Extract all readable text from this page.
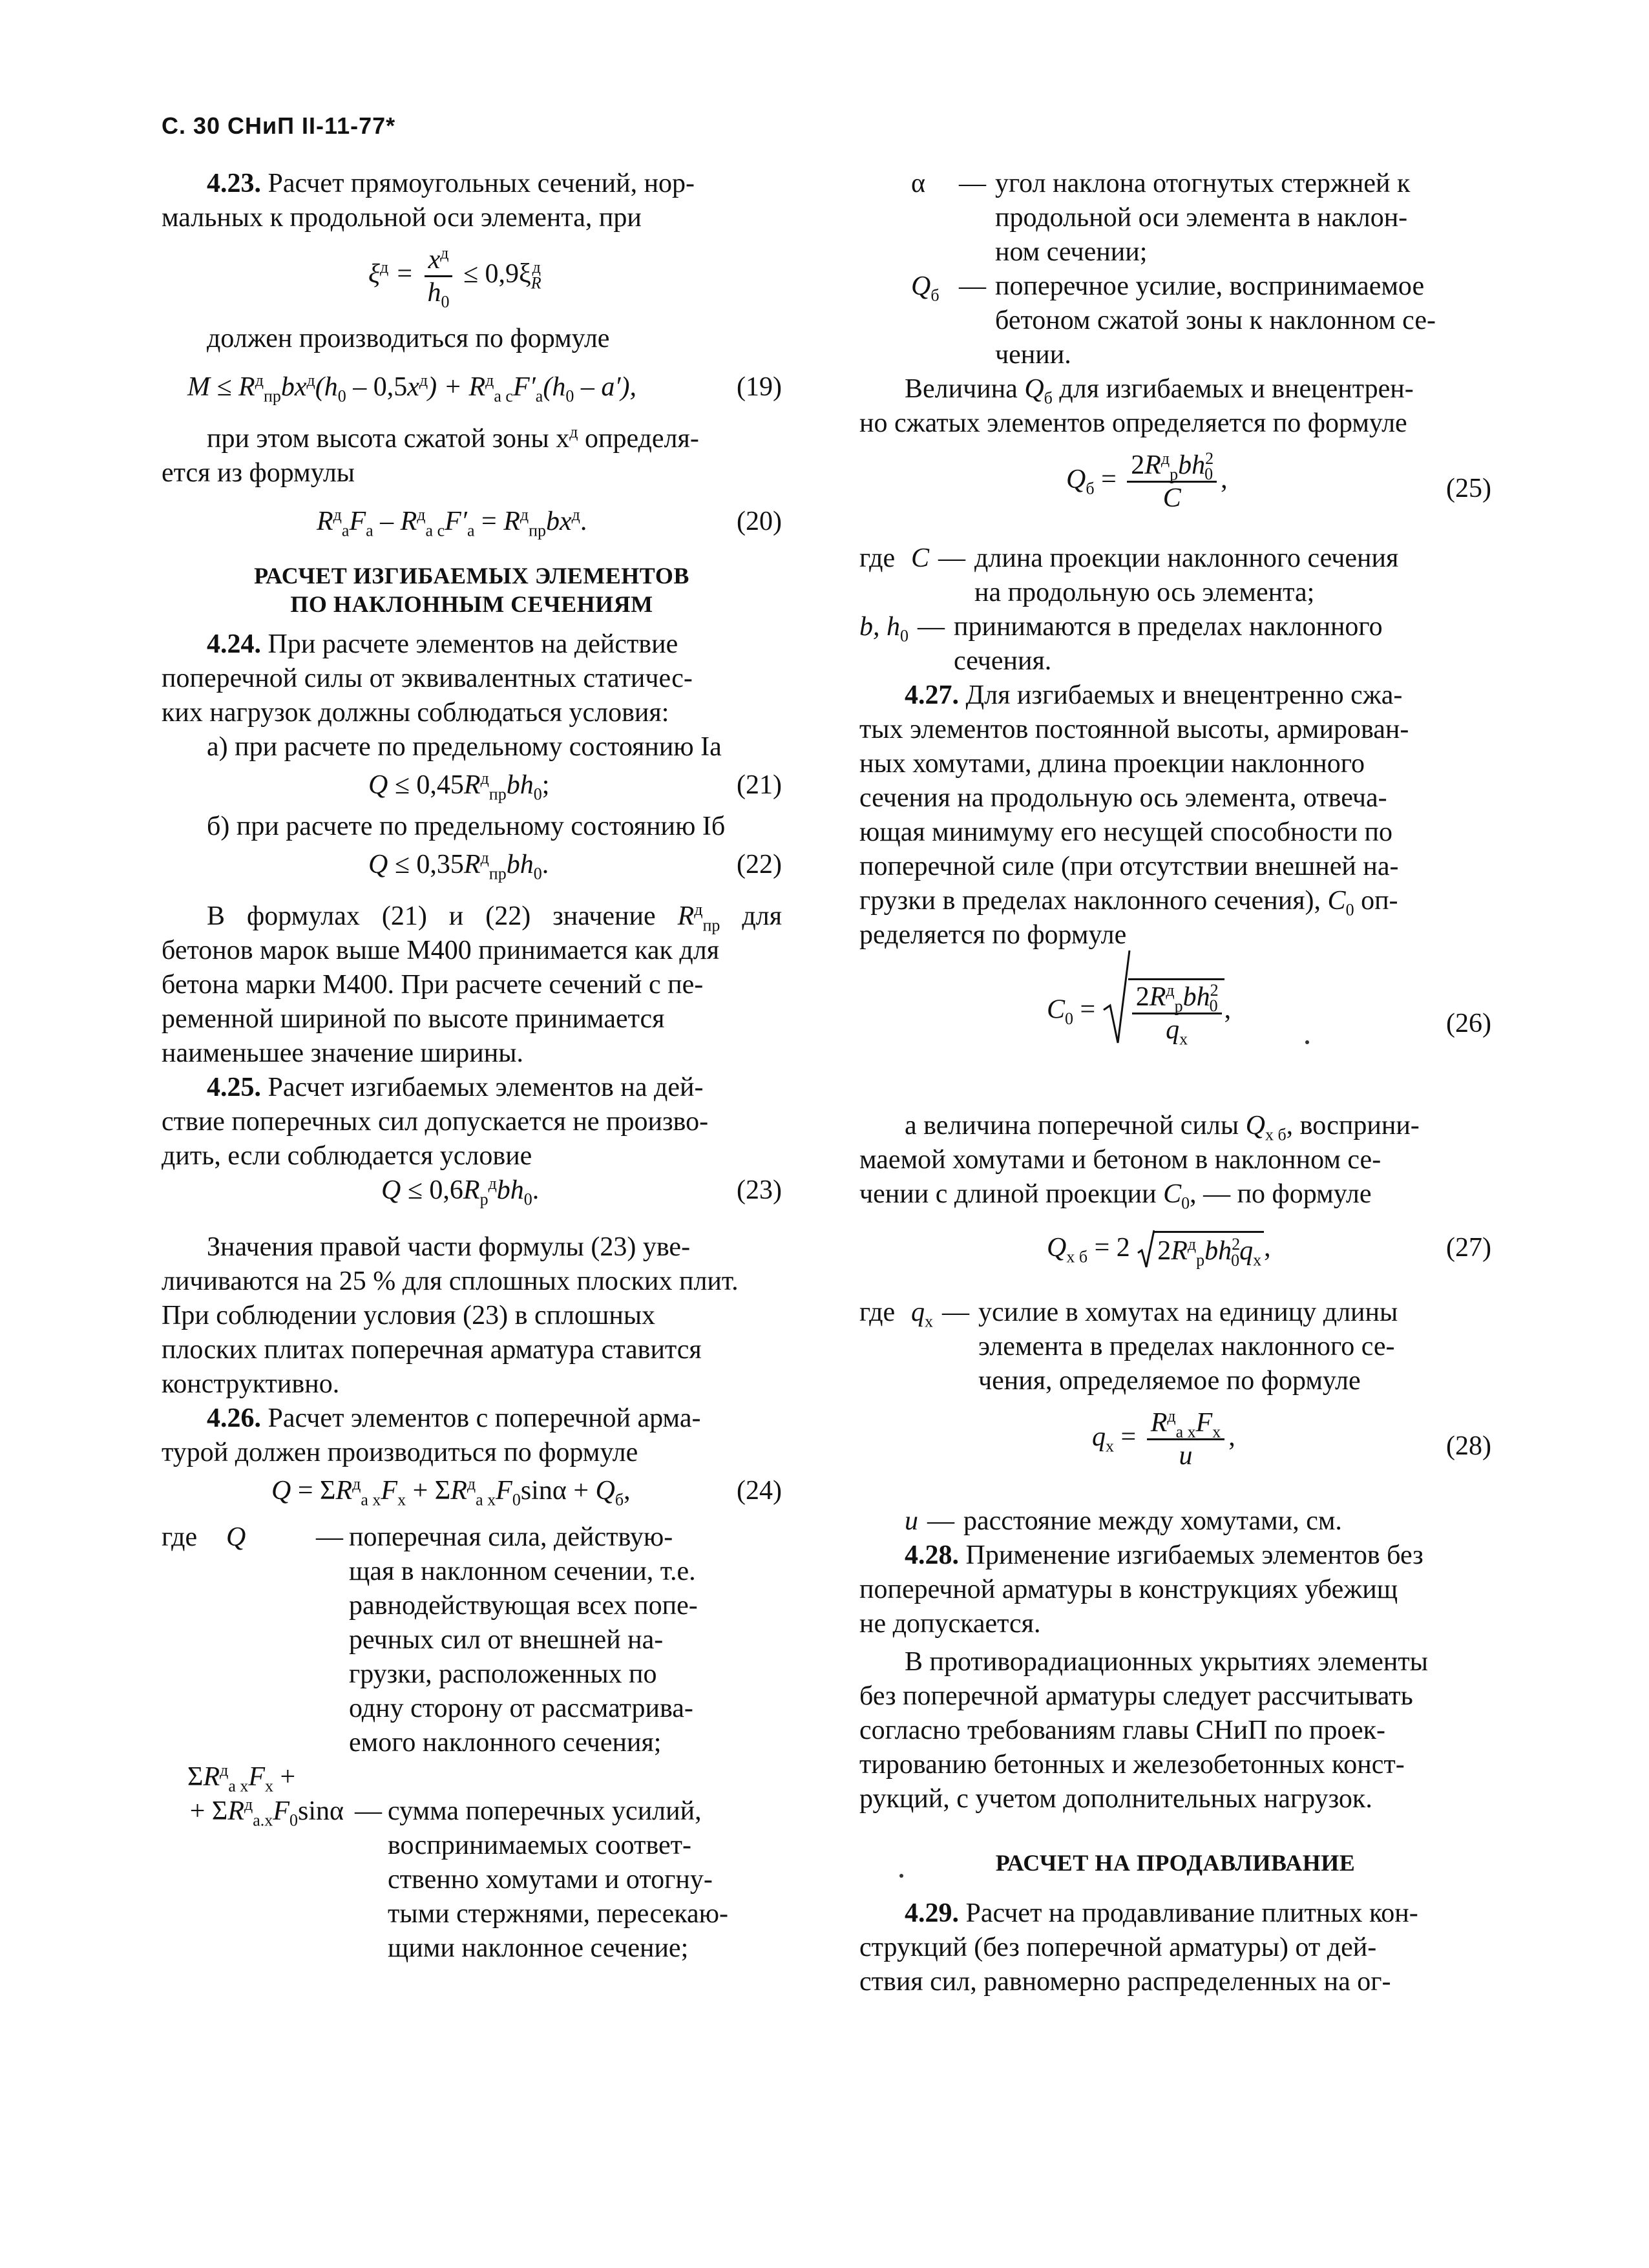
С. 30 СНиП II-11-77*

4.23. Расчет прямоугольных сечений, нор-

мальных к продольной оси элемента, при

$\xi^д = \frac{x^д}{h_0} \le 0,9\xi_R^д$

должен производиться по формуле

$M \le R^д_{пр}bx^д(h_0 - 0,5x^д) + R^д_{а с}F'_а(h_0 - a')$,	(19)

при этом высота сжатой зоны $x^д$ определя-

ется из формулы

$R^д_аF_а - R^д_{а с}F'_а = R^д_{пр}bx^д$.	(20)
РАСЧЕТ ИЗГИБАЕМЫХ ЭЛЕМЕНТОВ
ПО НАКЛОННЫМ СЕЧЕНИЯМ

4.24. При расчете элементов на действие

поперечной силы от эквивалентных статичес-

ких нагрузок должны соблюдаться условия:

а) при расчете по предельному состоянию Iа

$Q \le 0,45R^д_{пр}bh_0$;	(21)

б) при расчете по предельному состоянию Iб

$Q \le 0,35R^д_{пр}bh_0$.	(22)

В формулах (21) и (22) значение $R^д_{пр}$ для

бетонов марок выше М400 принимается как для

бетона марки М400. При расчете сечений с пе-

ременной шириной по высоте принимается

наименьшее значение ширины.

4.25. Расчет изгибаемых элементов на дей-

ствие поперечных сил допускается не произво-

дить, если соблюдается условие

$Q \le 0,6R_р^дbh_0$.	(23)

Значения правой части формулы (23) уве-

личиваются на 25 % для сплошных плоских плит.

При соблюдении условия (23) в сплошных

плоских плитах поперечная арматура ставится

конструктивно.

4.26. Расчет элементов с поперечной арма-

турой должен производиться по формуле

$Q = \Sigma R^д_{а х}F_х + \Sigma R^д_{а х}F_0\sin\alpha + Q_б$,	(24)
где	Q	— поперечная сила, действую-
щая в наклонном сечении, т.е.
равнодействующая всех попе-
речных сил от внешней на-
грузки, расположенных по
одну сторону от рассматрива-
емого наклонного сечения;
$\Sigma R^д_{а х}F_х$ +
+ $\Sigma R^д_{а.х}F_0\sin\alpha$
—
сумма поперечных усилий,
воспринимаемых соответ-
ственно хомутами и отогну-
тыми стержнями, пересекаю-
щими наклонное сечение;
α	— угол наклона отогнутых стержней к
продольной оси элемента в наклон-
ном сечении;
$Q_б$ — поперечное усилие, воспринимаемое
бетоном сжатой зоны к наклонном се-
чении.

Величина $Q_б$ для изгибаемых и внецентрен-

но сжатых элементов определяется по формуле

$Q_б = \frac{2R^д_рbh^2_0}{C}$ ,	(25)
где C — длина проекции наклонного сечения
на продольную ось элемента;
b, $h_0$ — принимаются в пределах наклонного
сечения.

4.27. Для изгибаемых и внецентренно сжа-

тых элементов постоянной высоты, армирован-

ных хомутами, длина проекции наклонного

сечения на продольную ось элемента, отвеча-

ющая минимуму его несущей способности по

поперечной силе (при отсутствии внешней на-

грузки в пределах наклонного сечения), $C_0$ оп-

ределяется по формуле

$C_0 = \frac{2R^д_рbh^2_0}{q_х}$ ,	(26)

а величина поперечной силы $Q_{х б}$, восприни-

маемой хомутами и бетоном в наклонном се-

чении с длиной проекции $C_0$, — по формуле

$Q_{х б} = 2$ $2R^д_рbh^2_0q_х$,	(27)
где $q_х$ — усилие в хомутах на единицу длины
элемента в пределах наклонного се-
чения, определяемое по формуле
$q_х = \frac{R^д_{а х}F_х}{u}$ ,	(28)
u — расстояние между хомутами, см.

4.28. Применение изгибаемых элементов без

поперечной арматуры в конструкциях убежищ

не допускается.

В противорадиационных укрытиях элементы

без поперечной арматуры следует рассчитывать

согласно требованиям главы СНиП по проек-

тированию бетонных и железобетонных конст-

рукций, с учетом дополнительных нагрузок.

РАСЧЕТ НА ПРОДАВЛИВАНИЕ

4.29. Расчет на продавливание плитных кон-

струкций (без поперечной арматуры) от дей-

ствия сил, равномерно распределенных на ог-
